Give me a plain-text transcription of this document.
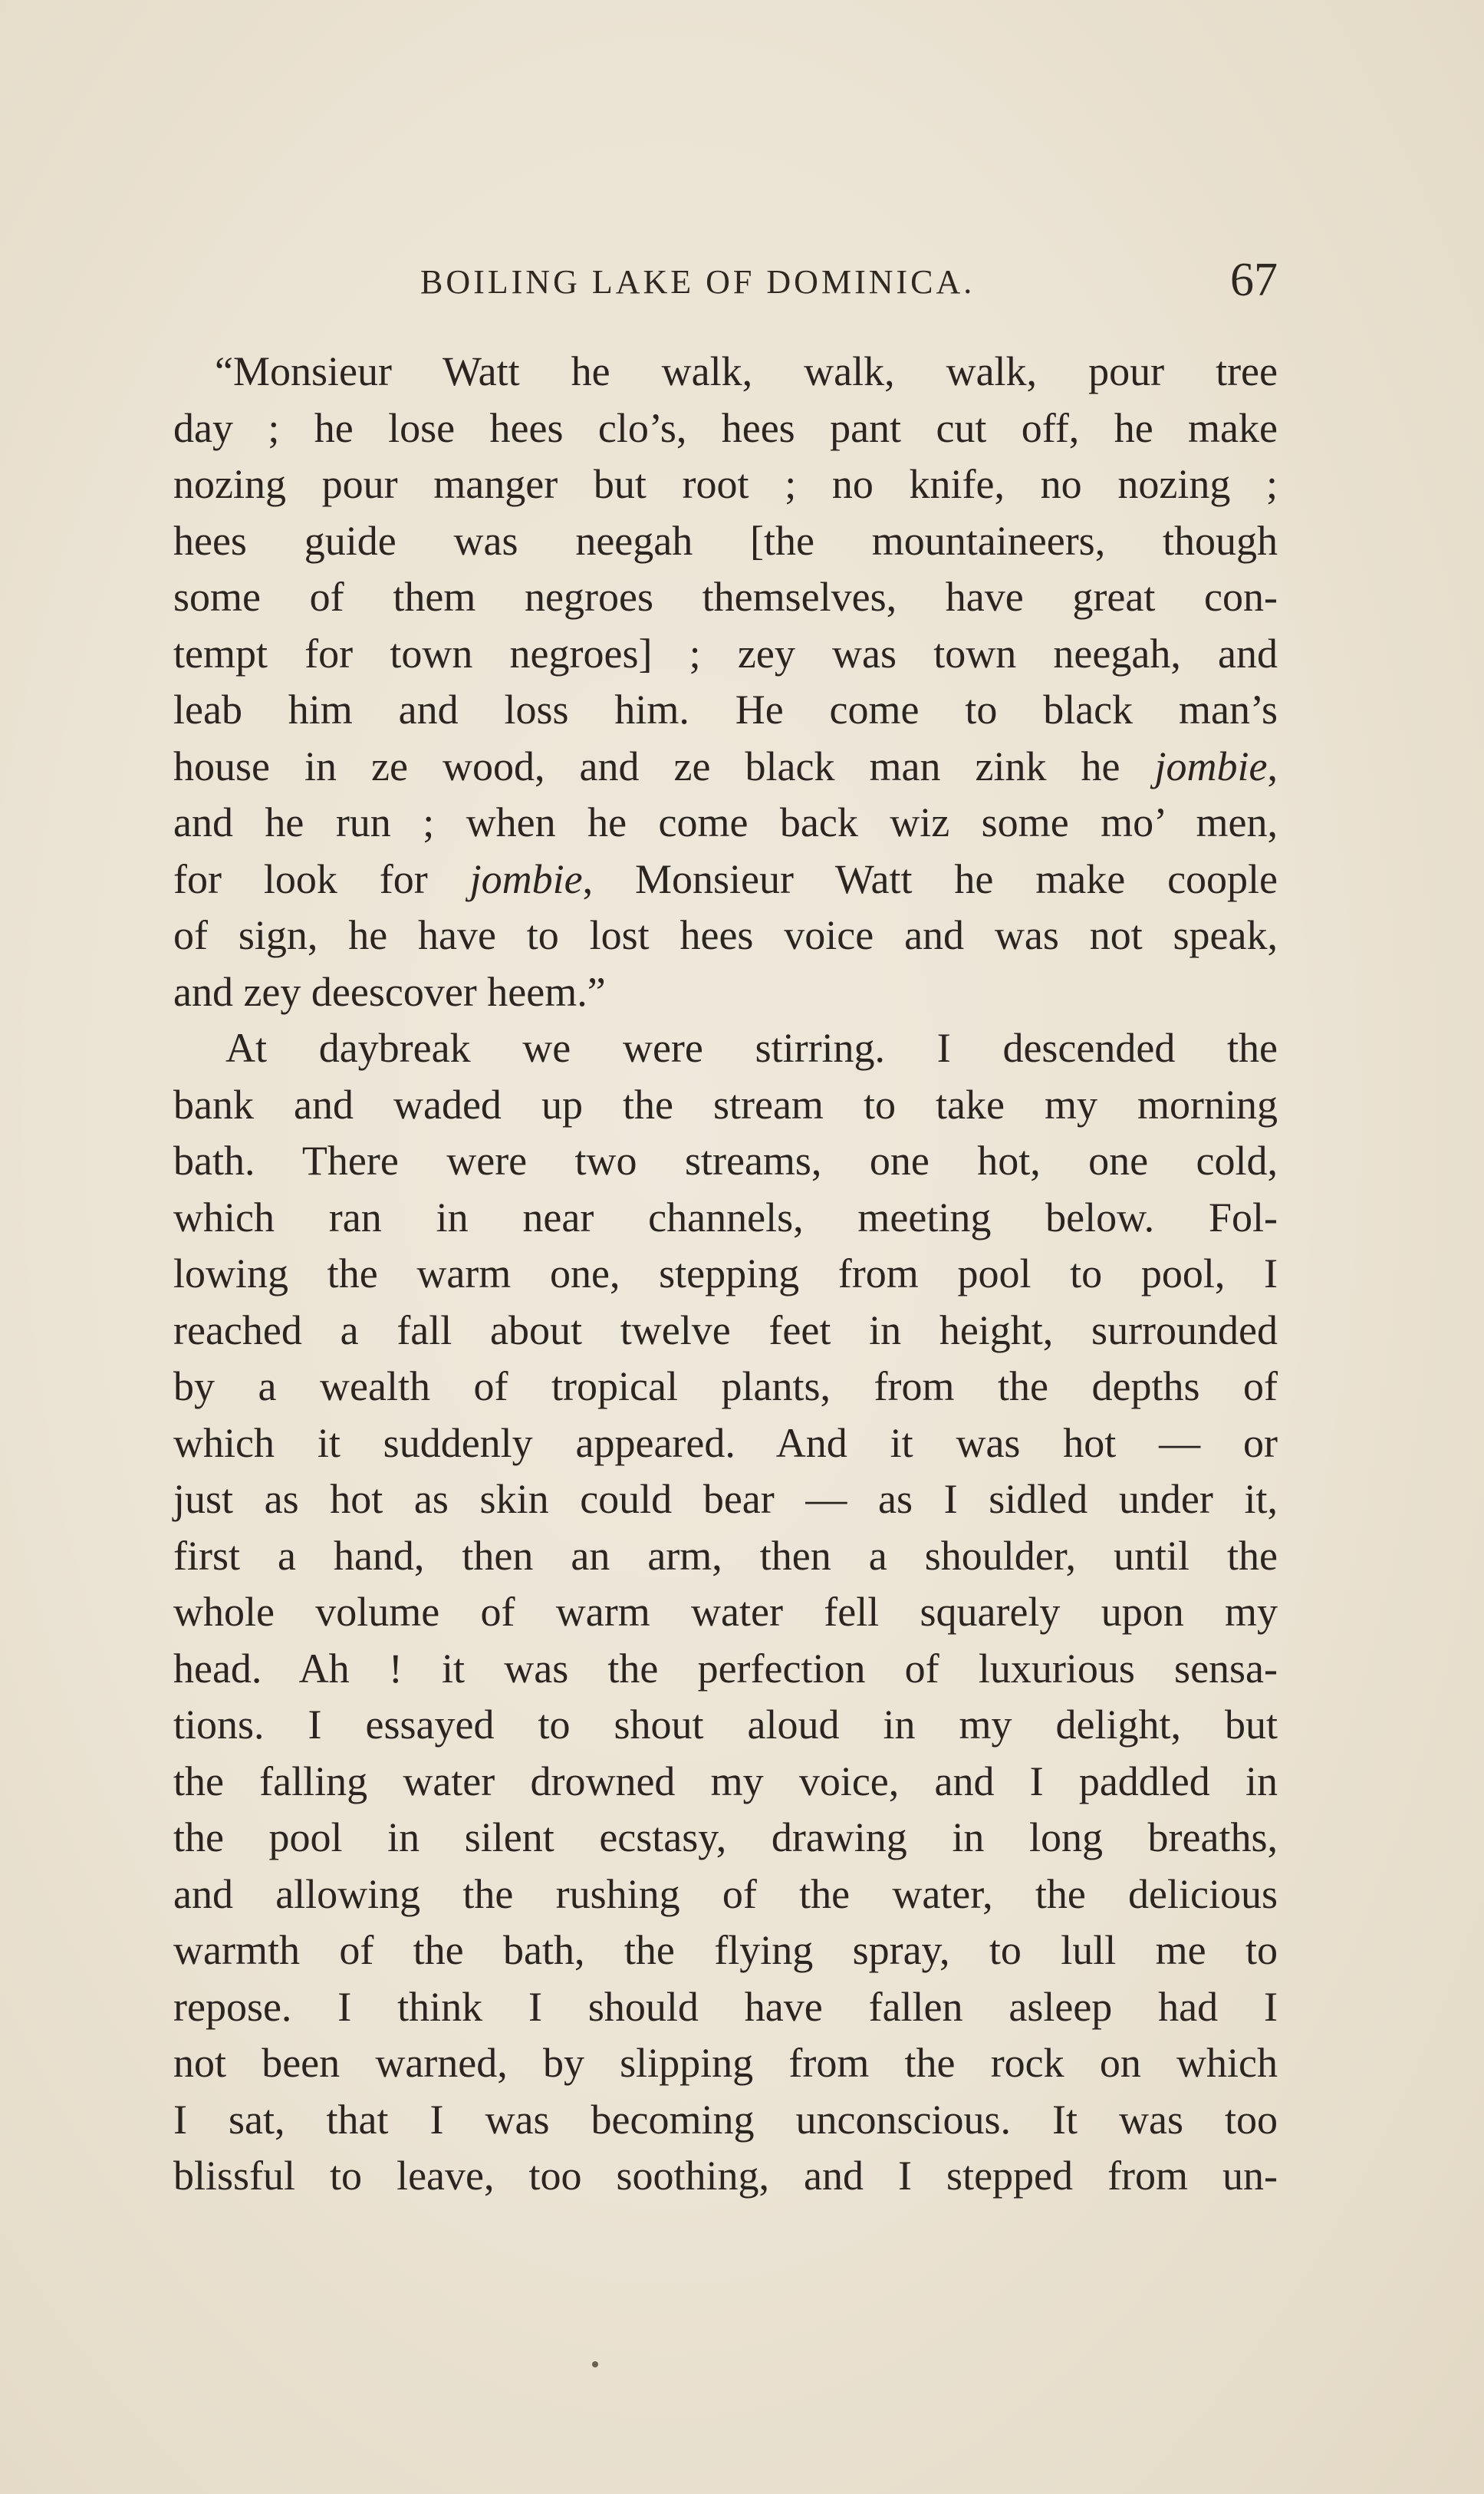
BOILING LAKE OF DOMINICA.	67
“Monsieur Watt he walk, walk, walk, pour tree
day ; he lose hees clo’s, hees pant cut off, he make
nozing pour manger but root ; no knife, no nozing ;
hees guide was neegah [the mountaineers, though
some of them negroes themselves, have great con-
tempt for town negroes] ; zey was town neegah, and
leab him and loss him. He come to black man’s
house in ze wood, and ze black man zink he jombie,
and he run ; when he come back wiz some mo’ men,
for look for jombie, Monsieur Watt he make coople
of sign, he have to lost hees voice and was not speak,
and zey deescover heem.”
At daybreak we were stirring. I descended the
bank and waded up the stream to take my morning
bath. There were two streams, one hot, one cold,
which ran in near channels, meeting below. Fol-
lowing the warm one, stepping from pool to pool, I
reached a fall about twelve feet in height, surrounded
by a wealth of tropical plants, from the depths of
which it suddenly appeared. And it was hot — or
just as hot as skin could bear — as I sidled under it,
first a hand, then an arm, then a shoulder, until the
whole volume of warm water fell squarely upon my
head. Ah ! it was the perfection of luxurious sensa-
tions. I essayed to shout aloud in my delight, but
the falling water drowned my voice, and I paddled in
the pool in silent ecstasy, drawing in long breaths,
and allowing the rushing of the water, the delicious
warmth of the bath, the flying spray, to lull me to
repose. I think I should have fallen asleep had I
not been warned, by slipping from the rock on which
I sat, that I was becoming unconscious. It was too
blissful to leave, too soothing, and I stepped from un-
